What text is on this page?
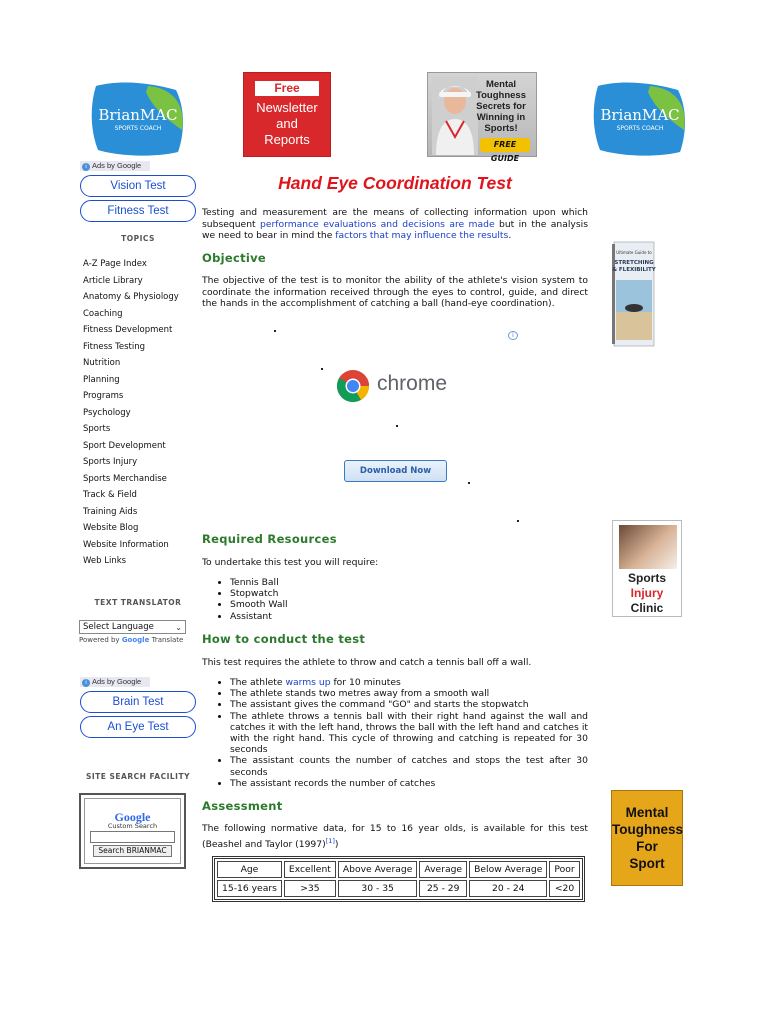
BrianMAC
SPORTS COACH
BrianMAC
SPORTS COACH
Free
Newsletter
and
Reports
Mental Toughness Secrets for Winning in Sports!
FREE GUIDE
i Ads by Google
Vision Test
Fitness Test
TOPICS
A-Z Page Index
Article Library
Anatomy & Physiology
Coaching
Fitness Development
Fitness Testing
Nutrition
Planning
Programs
Psychology
Sports
Sport Development
Sports Injury
Sports Merchandise
Track & Field
Training Aids
Website Blog
Website Information
Web Links
TEXT TRANSLATOR
Select Language	⌄
Powered by Google Translate
i Ads by Google
Brain Test
An Eye Test
SITE SEARCH FACILITY
Google
Custom Search
Search BRIANMAC
Hand Eye Coordination Test

Testing and measurement are the means of collecting information upon which subsequent performance evaluations and decisions are made but in the analysis we need to bear in mind the factors that may influence the results.

Objective

The objective of the test is to monitor the ability of the athlete's vision system to coordinate the information received through the eyes to control, guide, and direct the hands in the accomplishment of catching a ball (hand-eye coordination).

i
chrome
Download Now
Required Resources

To undertake this test you will require:

• Tennis Ball
• Stopwatch
• Smooth Wall
• Assistant
How to conduct the test

This test requires the athlete to throw and catch a tennis ball off a wall.

• The athlete warms up for 10 minutes
• The athlete stands two metres away from a smooth wall
• The assistant gives the command "GO" and starts the stopwatch
• The athlete throws a tennis ball with their right hand against the wall and catches it with the left hand, throws the ball with the left hand and catches it with the right hand. This cycle of throwing and catching is repeated for 30 seconds
• The assistant counts the number of catches and stops the test after 30 seconds
• The assistant records the number of catches
Assessment

The following normative data, for 15 to 16 year olds, is available for this test (Beashel and Taylor (1997)[1])

Age	Excellent	Above Average	Average	Below Average	Poor
15-16 years	>35	30 - 35	25 - 29	20 - 24	<20
Ultimate Guide to
STRETCHING
& FLEXIBILITY
Sports
Injury
Clinic
Mental
Toughness
For
Sport
